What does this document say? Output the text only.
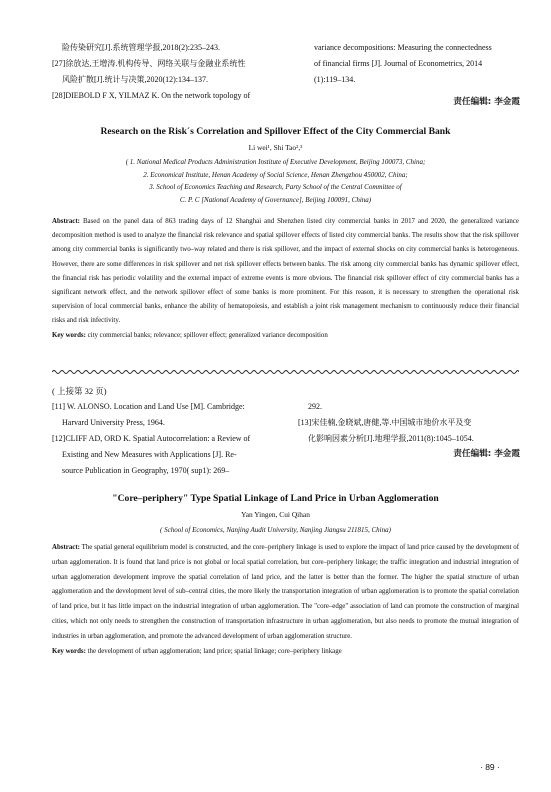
险传染研究[J].系统管理学报,2018(2):235–243.

[27]徐放达,王增涛.机构传导、网络关联与金融业系统性

风险扩散[J].统计与决策,2020(12):134–137.

[28]DIEBOLD F X, YILMAZ K. On the network topology of

variance decompositions: Measuring the connectedness

of financial firms [J]. Journal of Econometrics, 2014

(1):119–134.

责任编辑: 李金霞
Research on the Risk´s Correlation and Spillover Effect of the City Commercial Bank
Li wei¹, Shi Tao²,³
( 1. National Medical Products Administration Institute of Executive Development, Beijing 100073, China;
2. Economical Institute, Henan Academy of Social Science, Henan Zhengzhou 450002, China;
3. School of Economics Teaching and Research, Party School of the Central Committee of
C. P. C [National Academy of Governance], Beijing 100091, China)
Abstract: Based on the panel data of 863 trading days of 12 Shanghai and Shenzhen listed city commercial banks in 2017 and 2020, the generalized variance decomposition method is used to analyze the financial risk relevance and spatial spillover effects of listed city commercial banks. The results show that the risk spillover among city commercial banks is significantly two–way related and there is risk spillover, and the impact of external shocks on city commercial banks is heterogeneous. However, there are some differences in risk spillover and net risk spillover effects between banks. The risk among city commercial banks has dynamic spillover effect, the financial risk has periodic volatility and the external impact of extreme events is more obvious. The financial risk spillover effect of city commercial banks has a significant network effect, and the network spillover effect of some banks is more prominent. For this reason, it is necessary to strengthen the operational risk supervision of local commercial banks, enhance the ability of hematopoiesis, and establish a joint risk management mechanism to continuously reduce their financial risks and risk infectivity.
Key words: city commercial banks; relevance; spillover effect; generalized variance decomposition

( 上接第 32 页)

[11] W. ALONSO. Location and Land Use [M]. Cambridge:

Harvard University Press, 1964.

[12]CLIFF AD, ORD K. Spatial Autocorrelation: a Review of

Existing and New Measures with Applications [J]. Re-

source Publication in Geography, 1970( sup1): 269–

292.

[13]宋佳楠,金晓斌,唐健,等.中国城市地价水平及变

化影响因素分析[J].地理学报,2011(8):1045–1054.

责任编辑: 李金霞
"Core–periphery" Type Spatial Linkage of Land Price in Urban Agglomeration
Yan Yingen, Cui Qihan
( School of Economics, Nanjing Audit University, Nanjing Jiangsu 211815, China)
Abstract: The spatial general equilibrium model is constructed, and the core–periphery linkage is used to explore the impact of land price caused by the development of urban agglomeration. It is found that land price is not global or local spatial correlation, but core–periphery linkage; the traffic integration and industrial integration of urban agglomeration development improve the spatial correlation of land price, and the latter is better than the former. The higher the spatial structure of urban agglomeration and the development level of sub–central cities, the more likely the transportation integration of urban agglomeration is to promote the spatial correlation of land price, but it has little impact on the industrial integration of urban agglomeration. The "core–edge" association of land can promote the construction of marginal cities, which not only needs to strengthen the construction of transportation infrastructure in urban agglomeration, but also needs to promote the mutual integration of industries in urban agglomeration, and promote the advanced development of urban agglomeration structure.
Key words: the development of urban agglomeration; land price; spatial linkage; core–periphery linkage
· 89 ·
